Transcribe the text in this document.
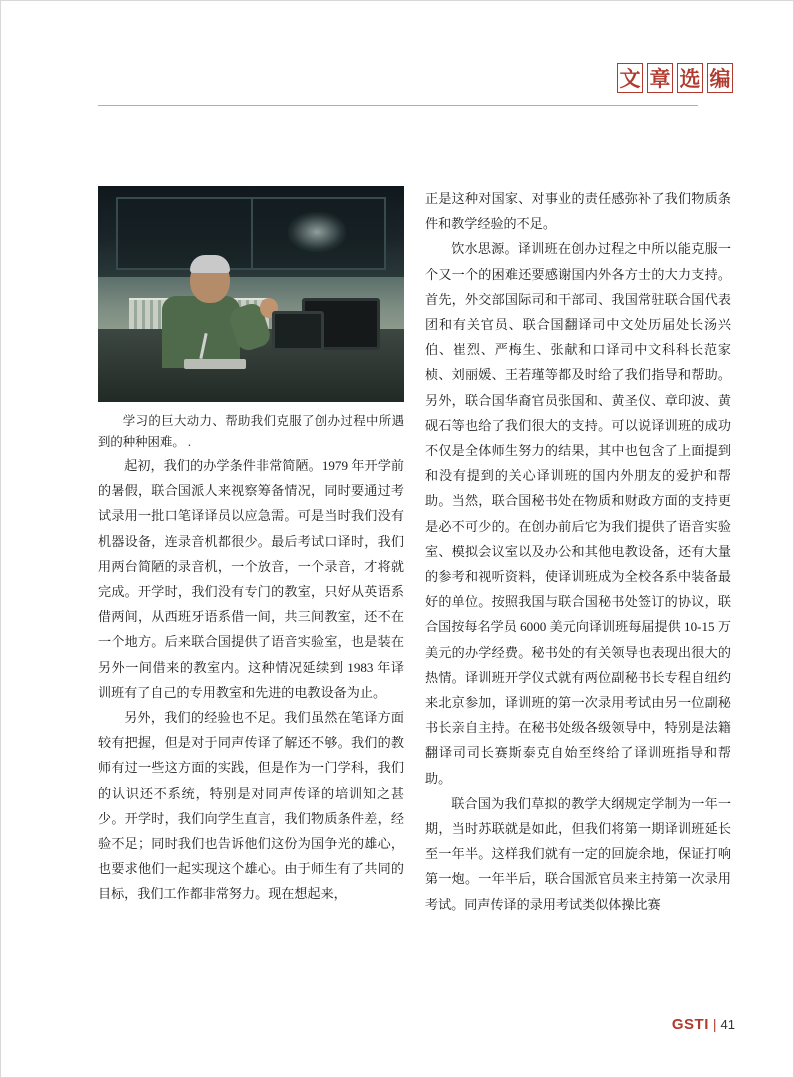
文 章 选 编

学习的巨大动力、帮助我们克服了创办过程中所遇到的种种困难。 .

起初，我们的办学条件非常简陋。1979 年开学前的暑假，联合国派人来视察筹备情况，同时要通过考试录用一批口笔译译员以应急需。可是当时我们没有机器设备，连录音机都很少。最后考试口译时，我们用两台简陋的录音机，一个放音，一个录音，才将就完成。开学时，我们没有专门的教室，只好从英语系借两间，从西班牙语系借一间，共三间教室，还不在一个地方。后来联合国提供了语音实验室，也是装在另外一间借来的教室内。这种情况延续到 1983 年译训班有了自己的专用教室和先进的电教设备为止。

另外，我们的经验也不足。我们虽然在笔译方面较有把握，但是对于同声传译了解还不够。我们的教师有过一些这方面的实践，但是作为一门学科，我们的认识还不系统，特别是对同声传译的培训知之甚少。开学时，我们向学生直言，我们物质条件差，经验不足；同时我们也告诉他们这份为国争光的雄心，也要求他们一起实现这个雄心。由于师生有了共同的目标，我们工作都非常努力。现在想起来，

正是这种对国家、对事业的责任感弥补了我们物质条件和教学经验的不足。

饮水思源。译训班在创办过程之中所以能克服一个又一个的困难还要感谢国内外各方士的大力支持。首先，外交部国际司和干部司、我国常驻联合国代表团和有关官员、联合国翻译司中文处历届处长汤兴伯、崔烈、严梅生、张献和口译司中文科科长范家桢、刘丽媛、王若瑾等都及时给了我们指导和帮助。另外，联合国华裔官员张国和、黄圣仪、章印波、黄砚石等也给了我们很大的支持。可以说译训班的成功不仅是全体师生努力的结果，其中也包含了上面提到和没有提到的关心译训班的国内外朋友的爱护和帮助。当然，联合国秘书处在物质和财政方面的支持更是必不可少的。在创办前后它为我们提供了语音实验室、模拟会议室以及办公和其他电教设备，还有大量的参考和视听资料，使译训班成为全校各系中装备最好的单位。按照我国与联合国秘书处签订的协议，联合国按每名学员 6000 美元向译训班每届提供 10-15 万美元的办学经费。秘书处的有关领导也表现出很大的热情。译训班开学仪式就有两位副秘书长专程自纽约来北京参加，译训班的第一次录用考试由另一位副秘书长亲自主持。在秘书处级各级领导中，特别是法籍翻译司司长赛斯泰克自始至终给了译训班指导和帮助。

联合国为我们草拟的教学大纲规定学制为一年一期，当时苏联就是如此，但我们将第一期译训班延长至一年半。这样我们就有一定的回旋余地，保证打响第一炮。一年半后，联合国派官员来主持第一次录用考试。同声传译的录用考试类似体操比赛

GSTI | 41
